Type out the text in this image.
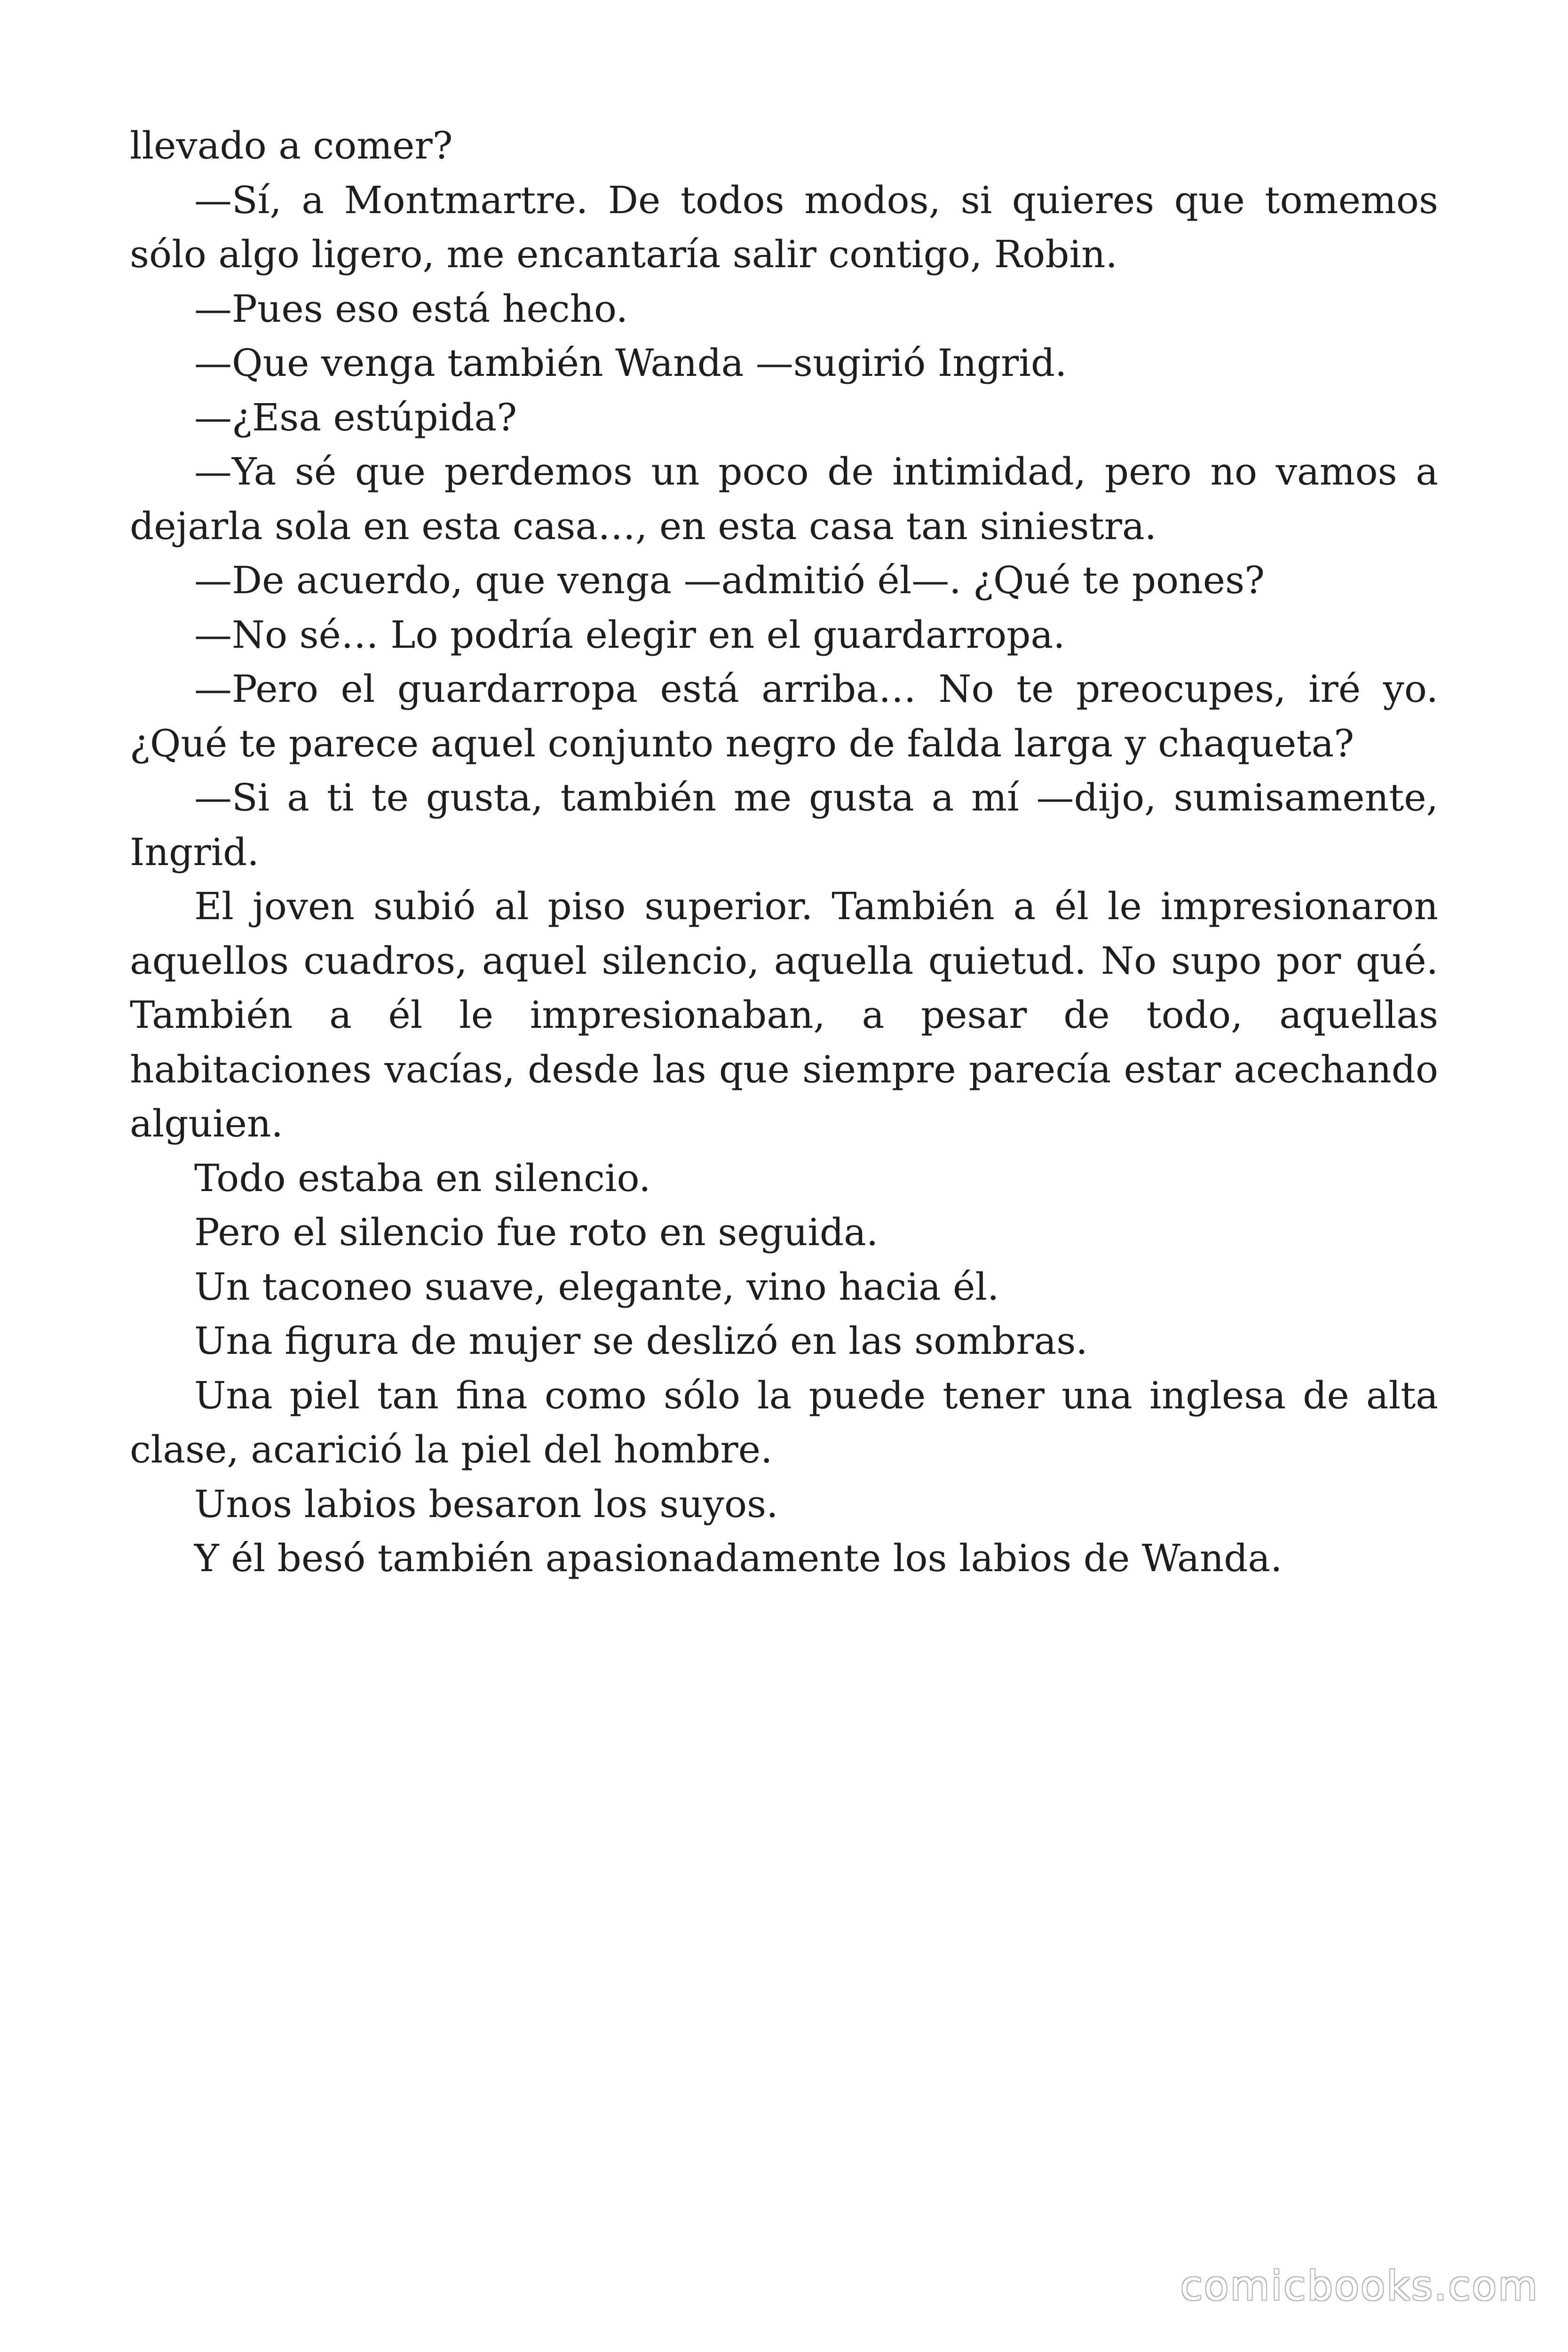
llevado a comer?

—Sí, a Montmartre. De todos modos, si quieres que tomemos sólo algo ligero, me encantaría salir contigo, Robin.

—Pues eso está hecho.

—Que venga también Wanda —sugirió Ingrid.

—¿Esa estúpida?

—Ya sé que perdemos un poco de intimidad, pero no vamos a dejarla sola en esta casa…, en esta casa tan siniestra.

—De acuerdo, que venga —admitió él—. ¿Qué te pones?

—No sé… Lo podría elegir en el guardarropa.

—Pero el guardarropa está arriba… No te preocupes, iré yo. ¿Qué te parece aquel conjunto negro de falda larga y chaqueta?

—Si a ti te gusta, también me gusta a mí —dijo, sumisamente, Ingrid.

El joven subió al piso superior. También a él le impresionaron aquellos cuadros, aquel silencio, aquella quietud. No supo por qué. También a él le impresionaban, a pesar de todo, aquellas habitaciones vacías, desde las que siempre parecía estar acechando alguien.

Todo estaba en silencio.

Pero el silencio fue roto en seguida.

Un taconeo suave, elegante, vino hacia él.

Una figura de mujer se deslizó en las sombras.

Una piel tan fina como sólo la puede tener una inglesa de alta clase, acarició la piel del hombre.

Unos labios besaron los suyos.

Y él besó también apasionadamente los labios de Wanda.

comicbooks.com
